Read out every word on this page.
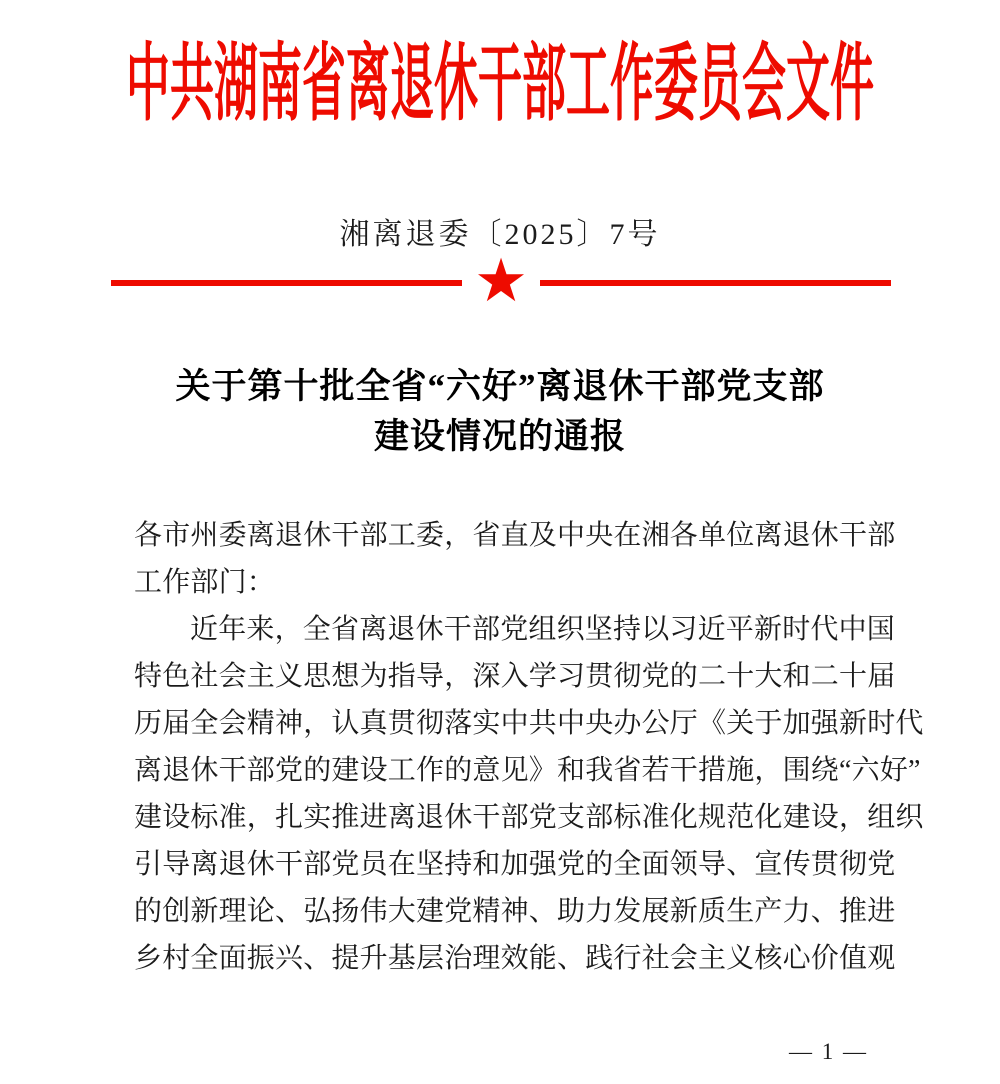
中共湖南省离退休干部工作委员会文件
湘离退委〔2025〕7号
★
关于第十批全省“六好”离退休干部党支部
建设情况的通报
各市州委离退休干部工委，省直及中央在湘各单位离退休干部
工作部门：
近年来，全省离退休干部党组织坚持以习近平新时代中国
特色社会主义思想为指导，深入学习贯彻党的二十大和二十届
历届全会精神，认真贯彻落实中共中央办公厅《关于加强新时代
离退休干部党的建设工作的意见》和我省若干措施，围绕“六好”
建设标准，扎实推进离退休干部党支部标准化规范化建设，组织
引导离退休干部党员在坚持和加强党的全面领导、宣传贯彻党
的创新理论、弘扬伟大建党精神、助力发展新质生产力、推进
乡村全面振兴、提升基层治理效能、践行社会主义核心价值观
— 1 —
